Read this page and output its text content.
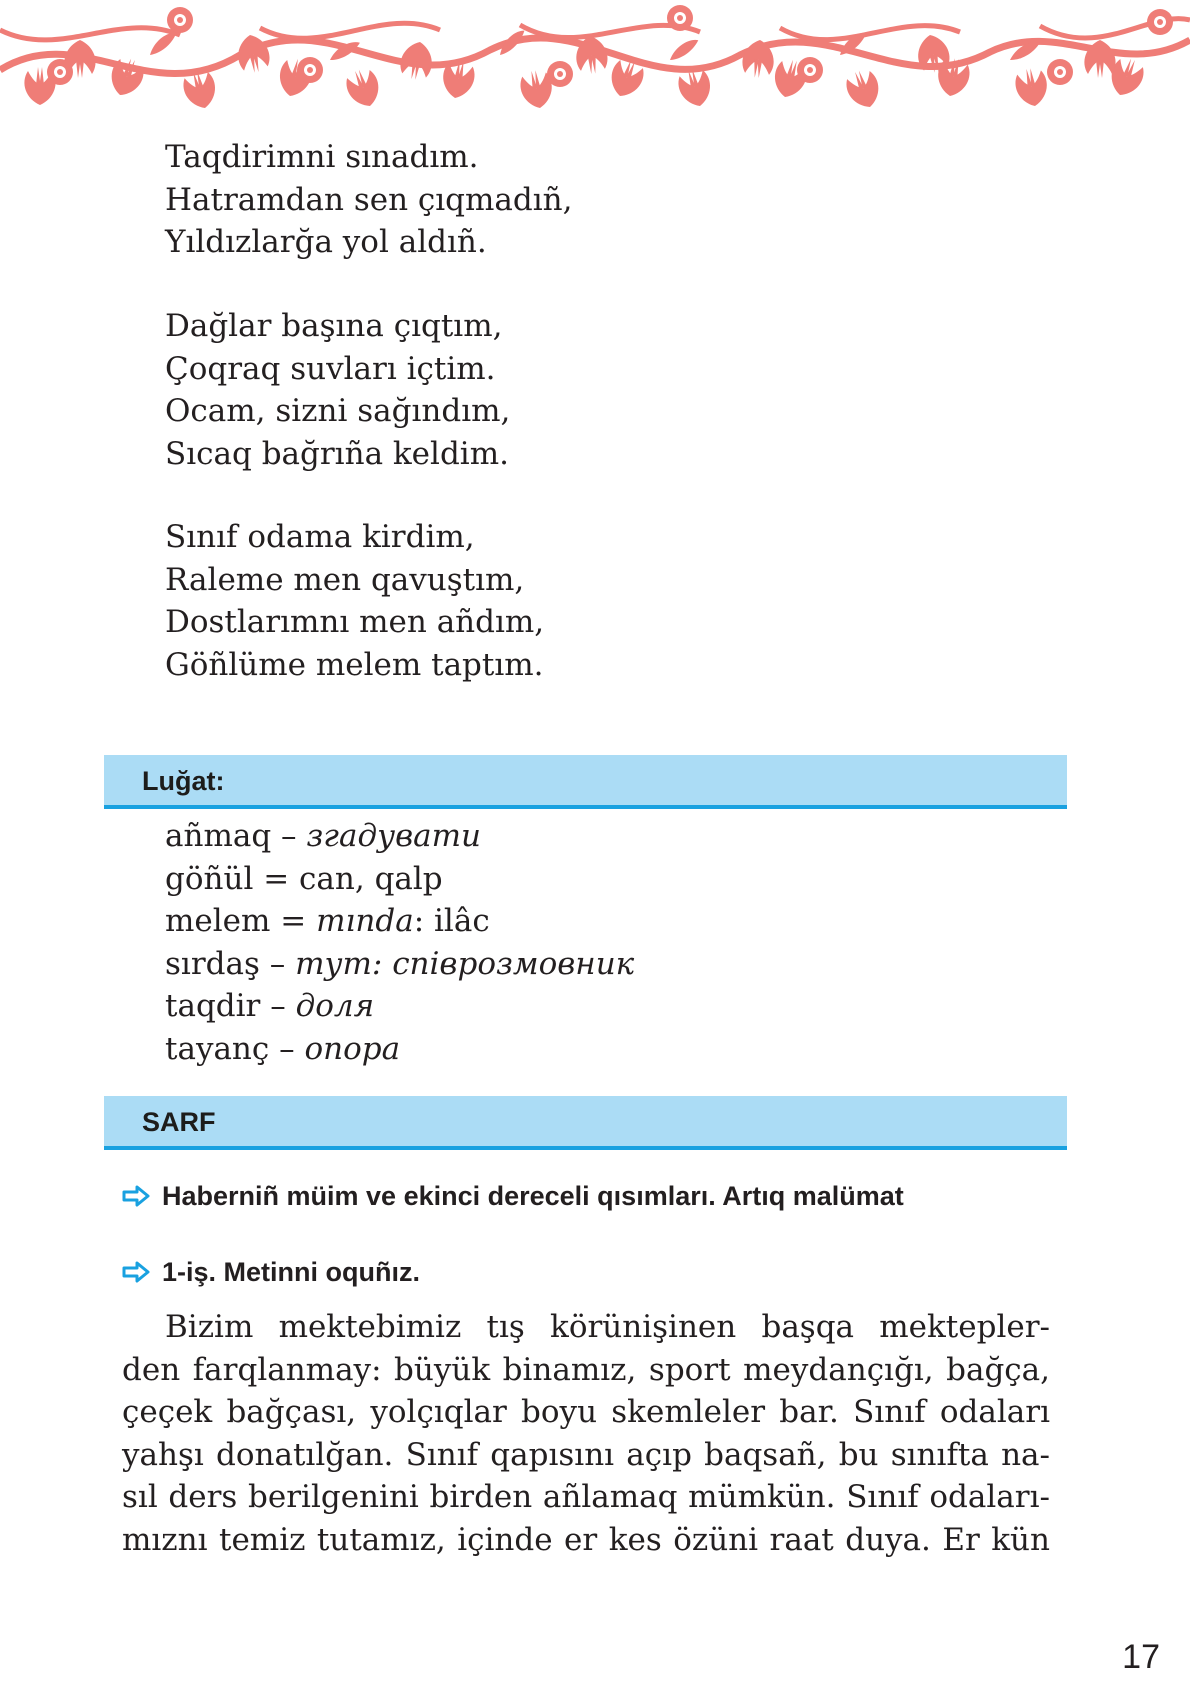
Taqdirimni sınadım.
Hatramdan sen çıqmadıñ,
Yıldızlarğa yol aldıñ.
Dağlar başına çıqtım,
Çoqraq suvları içtim.
Ocam, sizni sağındım,
Sıcaq bağrıña keldim.
Sınıf odama kirdim,
Raleme men qavuştım,
Dostlarımnı men añdım,
Göñlüme melem taptım.
Luğat:
añmaq – згадувати
göñül = can, qalp
melem = mında: ilâc
sırdaş – тут: співрозмовник
taqdir – доля
tayanç – опора
SARF
Haberniñ müim ve ekinci dereceli qısımları. Artıq malümat
1-iş. Metinni oquñız.
Bizim mektebimiz tış körünişinen başqa mektepler-
den farqlanmay: büyük binamız, sport meydançığı, bağça,
çeçek bağçası, yolçıqlar boyu skemleler bar. Sınıf odaları
yahşı donatılğan. Sınıf qapısını açıp baqsañ, bu sınıfta na-
sıl ders berilgenini birden añlamaq mümkün. Sınıf odaları-
mıznı temiz tutamız, içinde er kes özüni raat duya. Er kün
17
